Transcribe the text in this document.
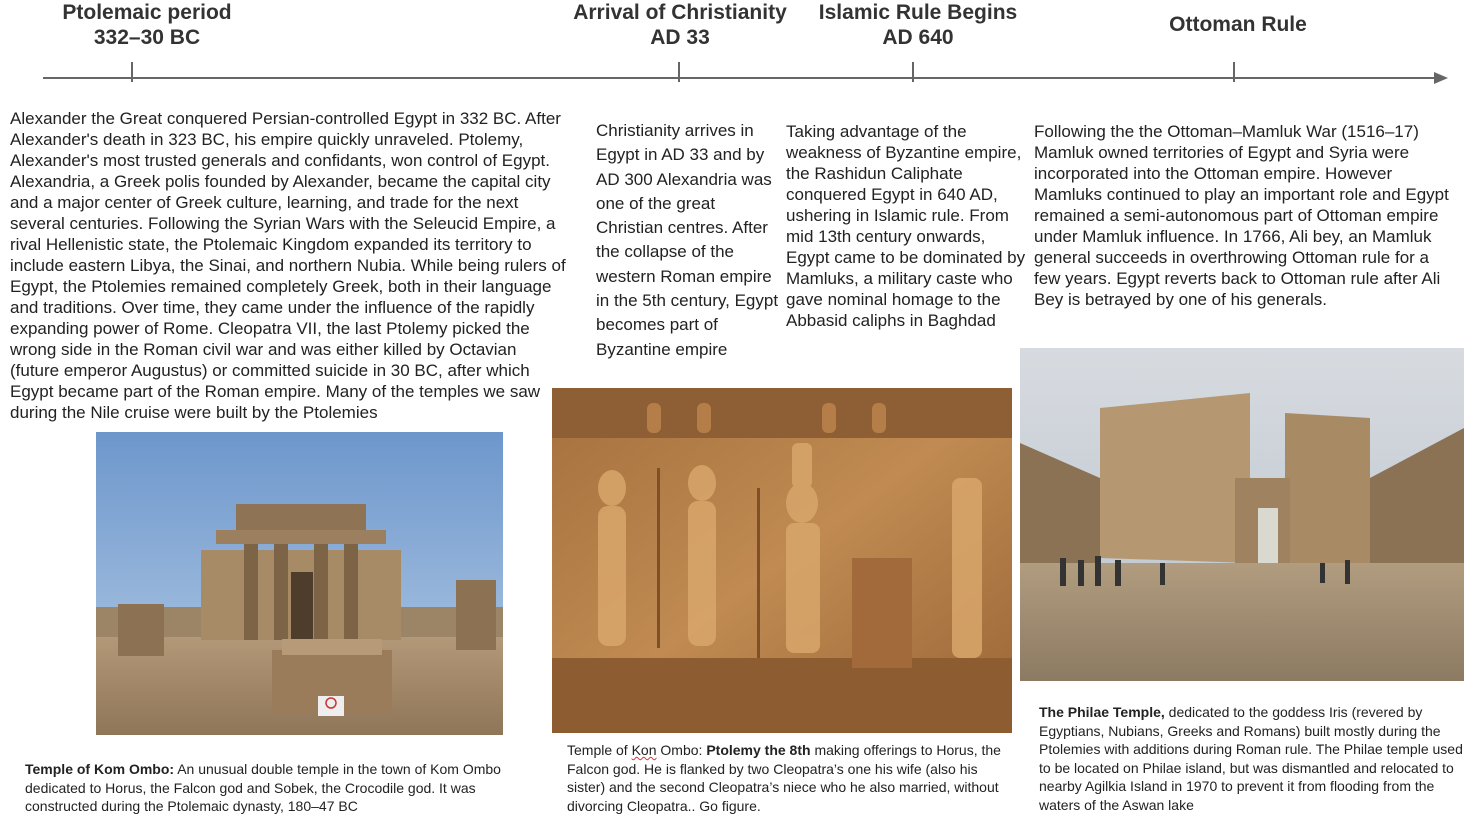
Ptolemaic period
332–30 BC
Arrival of Christianity
AD 33
Islamic Rule Begins
AD 640
Ottoman Rule
Alexander the Great conquered Persian-controlled Egypt in 332 BC. After Alexander's death in 323 BC, his empire quickly unraveled. Ptolemy, Alexander's most trusted generals and confidants, won control of Egypt. Alexandria, a Greek polis founded by Alexander, became the capital city and a major center of Greek culture, learning, and trade for the next several centuries. Following the Syrian Wars with the Seleucid Empire, a rival Hellenistic state, the Ptolemaic Kingdom expanded its territory to include eastern Libya, the Sinai, and northern Nubia. While being rulers of Egypt, the Ptolemies remained completely Greek, both in their language and traditions. Over time, they came under the influence of the rapidly expanding power of Rome. Cleopatra VII, the last Ptolemy picked the wrong side in the Roman civil war and was either killed by Octavian (future emperor Augustus) or committed suicide in 30 BC, after which Egypt became part of the Roman empire. Many of the temples we saw during the Nile cruise were built by the Ptolemies
Christianity arrives in Egypt in AD 33 and by AD 300 Alexandria was one of the great Christian centres. After the collapse of the western Roman empire in the 5th century, Egypt becomes part of Byzantine empire
Taking advantage of the weakness of Byzantine empire, the Rashidun Caliphate conquered Egypt in 640 AD, ushering in Islamic rule. From mid 13th century onwards, Egypt came to be dominated by Mamluks, a military caste who gave nominal homage to the Abbasid caliphs in Baghdad
Following the the Ottoman–Mamluk War (1516–17) Mamluk owned territories of Egypt and Syria were incorporated into the Ottoman empire. However Mamluks continued to play an important role and Egypt remained a semi-autonomous part of Ottoman empire under Mamluk influence. In 1766, Ali bey, an Mamluk general succeeds in overthrowing Ottoman rule for a few years. Egypt reverts back to Ottoman rule after Ali Bey is betrayed by one of his generals.
Temple of Kom Ombo: An unusual double temple in the town of Kom Ombo dedicated to Horus, the Falcon god and Sobek, the Crocodile god. It was constructed during the Ptolemaic dynasty, 180–47 BC
Temple of Kon Ombo: Ptolemy the 8th making offerings to Horus, the Falcon god. He is flanked by two Cleopatra’s one his wife (also his sister) and the second Cleopatra’s niece who he also married, without divorcing Cleopatra.. Go figure.
The Philae Temple, dedicated to the goddess Iris (revered by Egyptians, Nubians, Greeks and Romans) built mostly during the Ptolemies with additions during Roman rule. The Philae temple used to be located on Philae island, but was dismantled and relocated to nearby Agilkia Island in 1970 to prevent it from flooding from the waters of the Aswan lake
